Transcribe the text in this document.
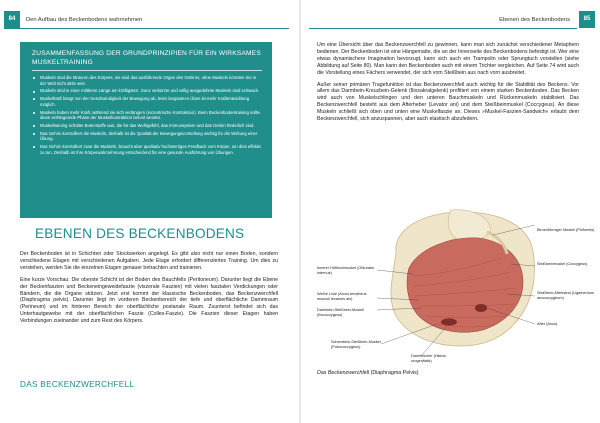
84	Den Aufbau des Beckenbodens wahrnehmen
ZUSAMMENFASSUNG DER GRUNDPRINZIPIEN FÜR EIN WIRKSAMES MUSKELTRAINING
Muskeln sind die Motoren des Körpers, sie sind das ausführende Organ des Gehirns, ohne Muskeln könnten Sie in der Welt nicht aktiv sein.
Muskeln sind in einer mittleren Länge am kräftigsten. Ganz verkürzte und völlig ausgedehnte Muskeln sind schwach.
Muskelkraft hängt von der Geschwindigkeit der Bewegung ab, beim langsamen Üben ist mehr Kraftentwicklung möglich.
Muskeln haben mehr Kraft, während sie sich verlängern (exzentrische Kontraktion). Beim Beckenbodentraining sollte diese verlängernde Phase der Muskelkontraktion betont werden.
Muskeltraining schüttet Botenstoffe aus, die für das Wohlgefühl, das Immunsystem und das Gehirn förderlich sind.
Das Gehirn kontrolliert die Muskeln, deshalb ist die Qualität der Bewegungsvorstellung wichtig für die Wirkung einer Übung.
Das Gehirn kontrolliert zwar die Muskeln, braucht aber qualitativ hochwertiges Feedback vom Körper, um dies effektiv zu tun. Deshalb ist Ihre Körperwahrnehmung entscheidend für eine gesunde Ausführung von Übungen.
EBENEN DES BECKENBODENS

Der Beckenboden ist in Schichten oder Stockwerken angelegt. Es gibt also nicht nur einen Boden, sondern verschiedene Etagen mit verschiedenen Aufgaben. Jede Etage erfordert differenziertes Training. Um dies zu verstehen, werden Sie die einzelnen Etagen genauer betrachten und trainieren.

Eine kurze Vorschau: Die oberste Schicht ist der Boden des Bauchfells (Peritoneum). Darunter liegt die Ebene der Beckenfaszien und Beckeneingeweidefaszie (viszerale Faszien) mit vielen faszialen Verdickungen oder Bändern, die die Organe stützen. Jetzt erst kommt der klassische Beckenboden, das Beckenzwerchfell (Diaphragma pelvis). Darunter liegt im vorderen Beckenbereich der tiefe und oberflächliche Dammraum (Perineum) und im hinteren Bereich der oberflächliche postanale Raum. Zuunterst befindet sich das Unterhautgewebe mit der oberflächlichen Faszie (Colles-Faszie). Die Faszien dieser Etagen haben Verbindungen zueinander und zum Rest des Körpers.

DAS BECKENZWERCHFELL
Ebenen des Beckenbodens	85

Um eine Übersicht über das Beckenzwerchfell zu gewinnen, kann man sich zunächst verschiedener Metaphern bedienen. Der Beckenboden ist eine Hängematte, die an der Innenseite des Beckenbodens befestigt ist. Wer eine etwas dynamischere Imagination bevorzugt, kann sich auch ein Trampolin oder Sprungtuch vorstellen (siehe Abbildung auf Seite 80). Man kann den Beckenboden auch mit einem Trichter vergleichen. Auf Seite 74 wird auch die Vorstellung eines Fächers verwendet, der sich vom Steißbein aus nach vorn ausbreitet.

Außer seiner primären Tragefunktion ist das Beckenzwerchfell auch wichtig für die Stabilität des Beckens. Vor allem das Darmbein-Kreuzbein-Gelenk (Iliosakralgelenk) profitiert von einem starken Beckenboden. Das Becken wird auch von Muskelschlingen und den unteren Bauchmuskeln und Rückenmuskeln stabilisiert. Das Beckenzwerchfell besteht aus dem Afterheber (Levator ani) und dem Steißbeinmuskel (Coccygeus). An diese Muskeln schließt sich oben und unten eine Muskelfaszie an. Dieses »Muskel-Faszien-Sandwich« erlaubt dem Beckenzwerchfell, sich anzuspannen, aber auch elastisch abzufedern.

Birnenförmiger Muskel (Piriformis)
Steißbeinmuskel (Coccygeus)
Steißbein-Afterband (Ligamentum anococcygeum)
After (Anus)
Innerer Hüftlochmuskel (Obturator internus)
Weiße Linie (Arcus tendineus musculi levatoris ani)
Darmbein-Steißbein-Muskel (Iliococcygeus)
Schambein-Steißbein-Muskel (Pubococcygeus)
Dammlöcher (Hiatus urogenitalis)
Das Beckenzwerchfell (Diaphragma Pelvis)
